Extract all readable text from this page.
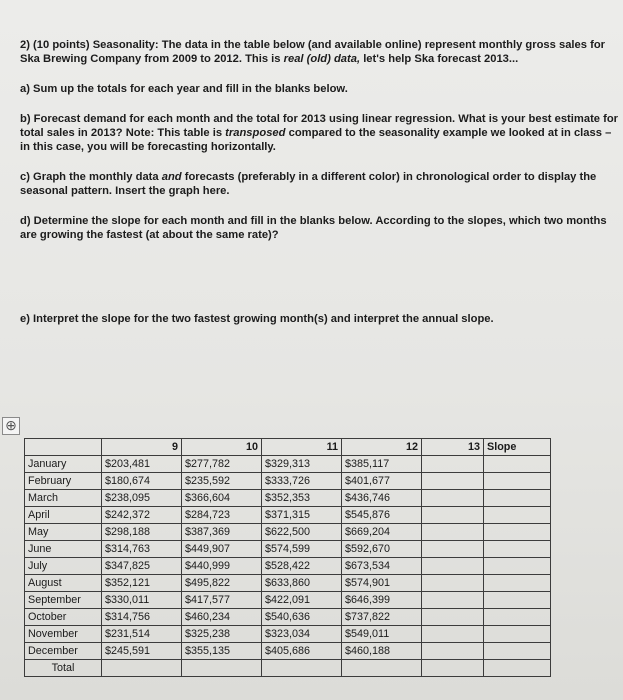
2) (10 points) Seasonality: The data in the table below (and available online) represent monthly gross sales for Ska Brewing Company from 2009 to 2012. This is real (old) data, let's help Ska forecast 2013...

a) Sum up the totals for each year and fill in the blanks below.

b) Forecast demand for each month and the total for 2013 using linear regression. What is your best estimate for total sales in 2013? Note: This table is transposed compared to the seasonality example we looked at in class – in this case, you will be forecasting horizontally.

c) Graph the monthly data and forecasts (preferably in a different color) in chronological order to display the seasonal pattern. Insert the graph here.

d) Determine the slope for each month and fill in the blanks below. According to the slopes, which two months are growing the fastest (at about the same rate)?

e) Interpret the slope for the two fastest growing month(s) and interpret the annual slope.

⊕
	9	10	11	12	13	Slope
January	$203,481	$277,782	$329,313	$385,117		
February	$180,674	$235,592	$333,726	$401,677		
March	$238,095	$366,604	$352,353	$436,746		
April	$242,372	$284,723	$371,315	$545,876		
May	$298,188	$387,369	$622,500	$669,204		
June	$314,763	$449,907	$574,599	$592,670		
July	$347,825	$440,999	$528,422	$673,534		
August	$352,121	$495,822	$633,860	$574,901		
September	$330,011	$417,577	$422,091	$646,399		
October	$314,756	$460,234	$540,636	$737,822		
November	$231,514	$325,238	$323,034	$549,011		
December	$245,591	$355,135	$405,686	$460,188		
Total						
